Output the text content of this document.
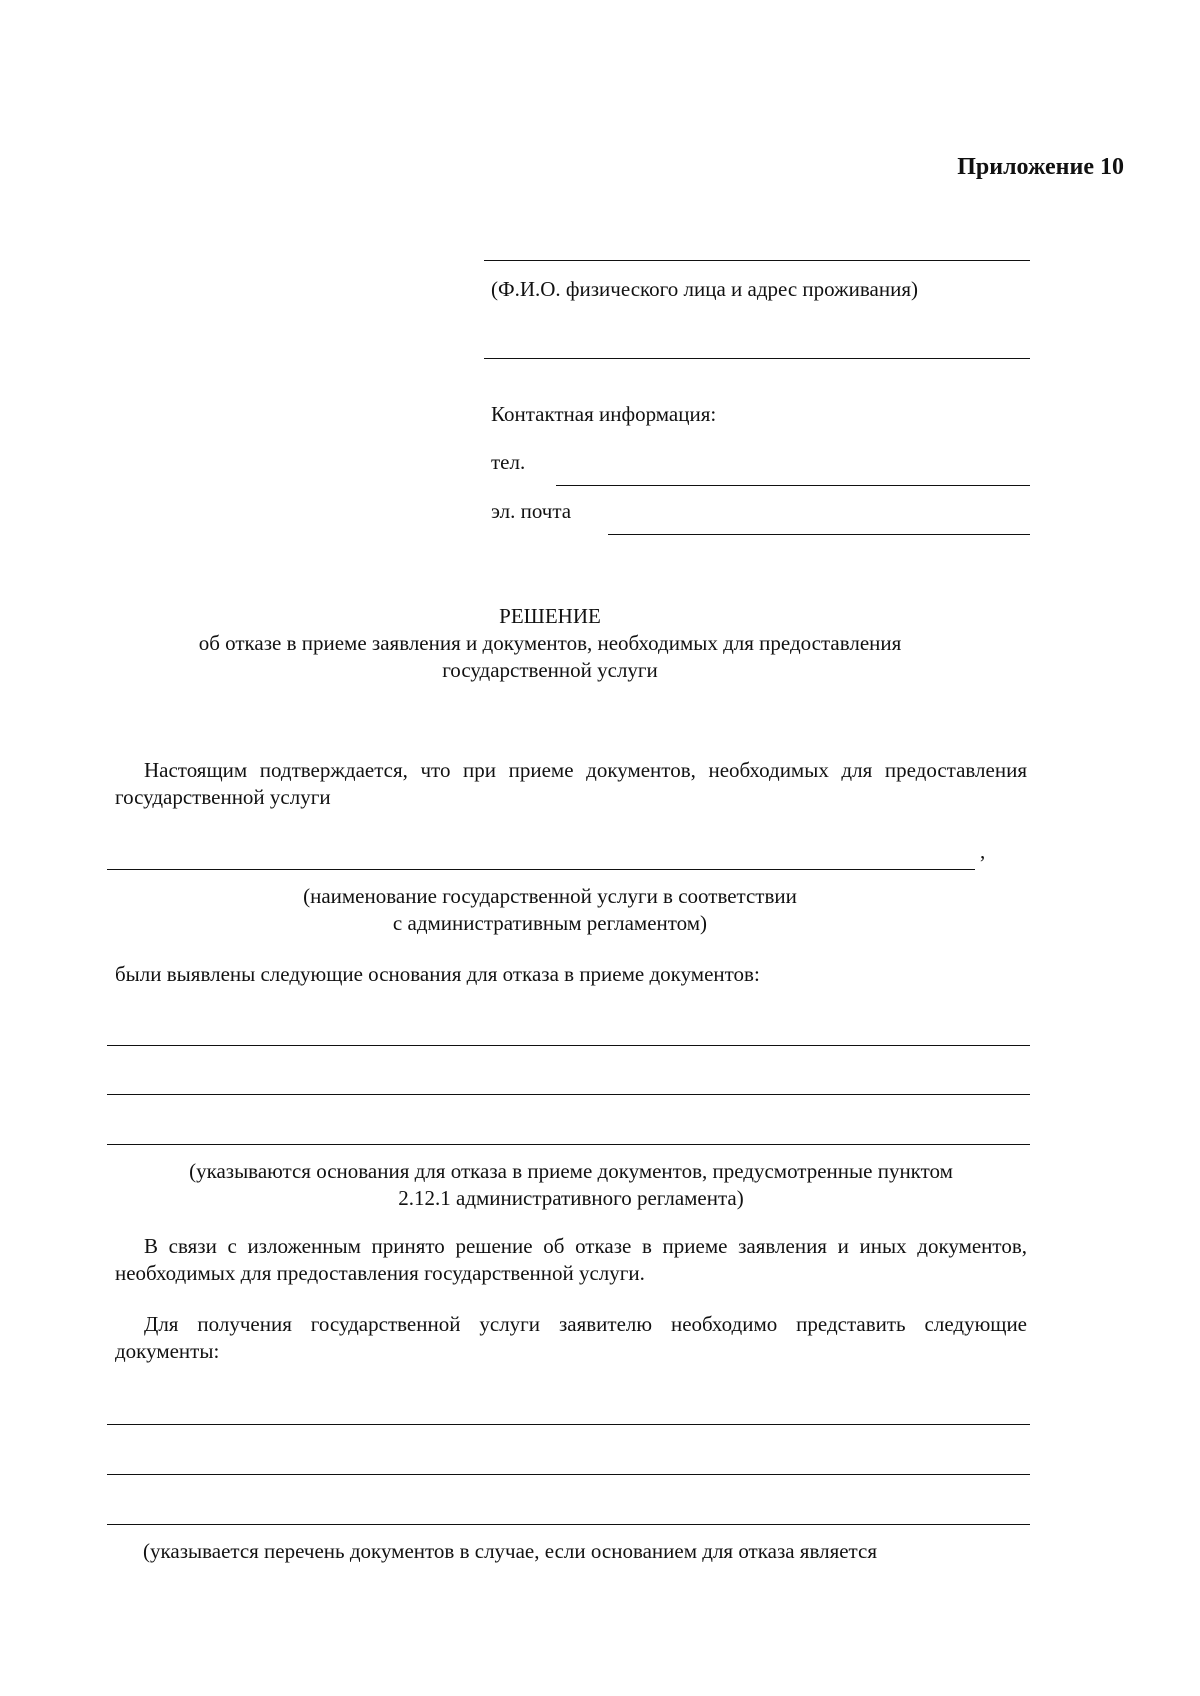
Приложение 10
(Ф.И.О. физического лица и адрес проживания)
Контактная информация:
тел.
эл. почта
РЕШЕНИЕ
об отказе в приеме заявления и документов, необходимых для предоставления
государственной услуги
Настоящим подтверждается, что при приеме документов, необходимых для предоставления государственной услуги
,
(наименование государственной услуги в соответствии
с административным регламентом)
были выявлены следующие основания для отказа в приеме документов:
(указываются основания для отказа в приеме документов, предусмотренные пунктом
2.12.1 административного регламента)
В связи с изложенным принято решение об отказе в приеме заявления и иных документов, необходимых для предоставления государственной услуги.
Для получения государственной услуги заявителю необходимо представить следующие документы:
(указывается перечень документов в случае, если основанием для отказа является
